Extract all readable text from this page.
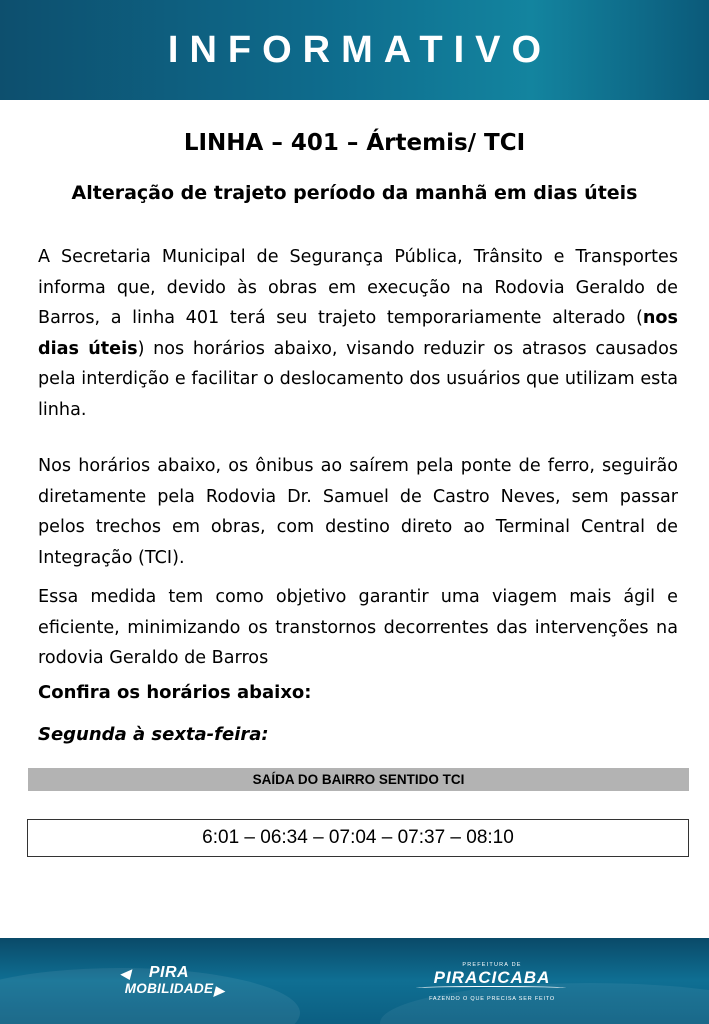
INFORMATIVO
LINHA – 401 – Ártemis/ TCI
Alteração de trajeto período da manhã em dias úteis
A Secretaria Municipal de Segurança Pública, Trânsito e Transportes informa que, devido às obras em execução na Rodovia Geraldo de Barros, a linha 401 terá seu trajeto temporariamente alterado (nos dias úteis) nos horários abaixo, visando reduzir os atrasos causados pela interdição e facilitar o deslocamento dos usuários que utilizam esta linha.
Nos horários abaixo, os ônibus ao saírem pela ponte de ferro, seguirão diretamente pela Rodovia Dr. Samuel de Castro Neves, sem passar pelos trechos em obras, com destino direto ao Terminal Central de Integração (TCI).
Essa medida tem como objetivo garantir uma viagem mais ágil e eficiente, minimizando os transtornos decorrentes das intervenções na rodovia Geraldo de Barros
Confira os horários abaixo:
Segunda à sexta-feira:
SAÍDA DO BAIRRO SENTIDO TCI
6:01 – 06:34 – 07:04 – 07:37 – 08:10
◀	PIRA
MOBILIDADE ▶
PREFEITURA DE
PIRACICABA
FAZENDO O QUE PRECISA SER FEITO
